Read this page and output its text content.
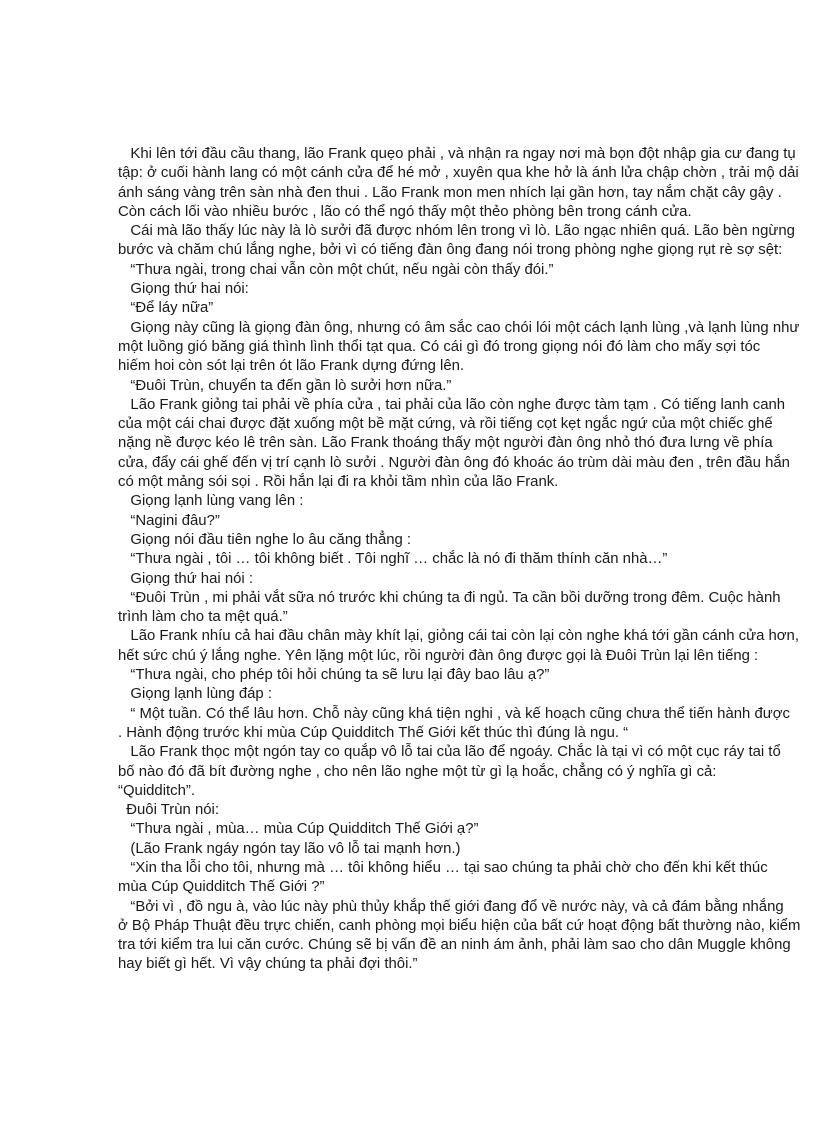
Khi lên tới đầu cầu thang, lão Frank quẹo phải , và nhận ra ngay nơi mà bọn đột nhập gia cư đang tụ
tập: ở cuối hành lang có một cánh cửa để hé mở , xuyên qua khe hở là ánh lửa chập chờn , trải mộ dải
ánh sáng vàng trên sàn nhà đen thui . Lão Frank mon men nhích lại gần hơn, tay nắm chặt cây gậy .
Còn cách lối vào nhiều bước , lão có thể ngó thấy một thẻo phòng bên trong cánh cửa.
Cái mà lão thấy lúc này là lò sưởi đã được nhóm lên trong vì lò. Lão ngạc nhiên quá. Lão bèn ngừng
bước và chăm chú lắng nghe, bởi vì có tiếng đàn ông đang nói trong phòng nghe giọng rụt rè sợ sệt:
“Thưa ngài, trong chai vẫn còn một chút, nếu ngài còn thấy đói.”
Giọng thứ hai nói:
“Để láy nữa”
Giọng này cũng là giọng đàn ông, nhưng có âm sắc cao chói lói một cách lạnh lùng ,và lạnh lùng như
một luồng gió băng giá thình lình thổi tạt qua. Có cái gì đó trong giọng nói đó làm cho mấy sợi tóc
hiếm hoi còn sót lại trên ót lão Frank dựng đứng lên.
“Đuôi Trùn, chuyển ta đến gần lò sưởi hơn nữa.”
Lão Frank giỏng tai phải về phía cửa , tai phải của lão còn nghe được tàm tạm . Có tiếng lanh canh
của một cái chai được đặt xuống một bề mặt cứng, và rồi tiếng cọt kẹt ngắc ngứ của một chiếc ghế
nặng nề được kéo lê trên sàn. Lão Frank thoáng thấy một người đàn ông nhỏ thó đưa lưng về phía
cửa, đẩy cái ghế đến vị trí cạnh lò sưởi . Người đàn ông đó khoác áo trùm dài màu đen , trên đầu hắn
có một mảng sói sọi . Rồi hắn lại đi ra khỏi tầm nhìn của lão Frank.
Giọng lạnh lùng vang lên :
“Nagini đâu?”
Giọng nói đầu tiên nghe lo âu căng thẳng :
“Thưa ngài , tôi … tôi không biết . Tôi nghĩ … chắc là nó đi thăm thính căn nhà…”
Giọng thứ hai nói :
“Đuôi Trùn , mi phải vắt sữa nó trước khi chúng ta đi ngủ. Ta cần bồi dưỡng trong đêm. Cuộc hành
trình làm cho ta mệt quá.”
Lão Frank nhíu cả hai đầu chân mày khít lại, giỏng cái tai còn lại còn nghe khá tới gần cánh cửa hơn,
hết sức chú ý lắng nghe. Yên lặng một lúc, rồi người đàn ông được gọi là Đuôi Trùn lại lên tiếng :
“Thưa ngài, cho phép tôi hỏi chúng ta sẽ lưu lại đây bao lâu ạ?”
Giọng lạnh lùng đáp :
“ Một tuần. Có thể lâu hơn. Chỗ này cũng khá tiện nghi , và kế hoạch cũng chưa thể tiến hành được
. Hành động trước khi mùa Cúp Quidditch Thế Giới kết thúc thì đúng là ngu. “
Lão Frank thọc một ngón tay co quắp vô lỗ tai của lão để ngoáy. Chắc là tại vì có một cục ráy tai tổ
bố nào đó đã bít đường nghe , cho nên lão nghe một từ gì lạ hoắc, chẳng có ý nghĩa gì cả:
“Quidditch”.
Đuôi Trùn nói:
“Thưa ngài , mùa… mùa Cúp Quidditch Thế Giới ạ?”
(Lão Frank ngáy ngón tay lão vô lỗ tai mạnh hơn.)
“Xin tha lỗi cho tôi, nhưng mà … tôi không hiểu … tại sao chúng ta phải chờ cho đến khi kết thúc
mùa Cúp Quidditch Thế Giới ?”
“Bởi vì , đồ ngu à, vào lúc này phù thủy khắp thế giới đang đổ về nước này, và cả đám bằng nhắng
ở Bộ Pháp Thuật đều trực chiến, canh phòng mọi biểu hiện của bất cứ hoạt động bất thường nào, kiểm
tra tới kiểm tra lui căn cước. Chúng sẽ bị vấn đề an ninh ám ảnh, phải làm sao cho dân Muggle không
hay biết gì hết. Vì vậy chúng ta phải đợi thôi.”
